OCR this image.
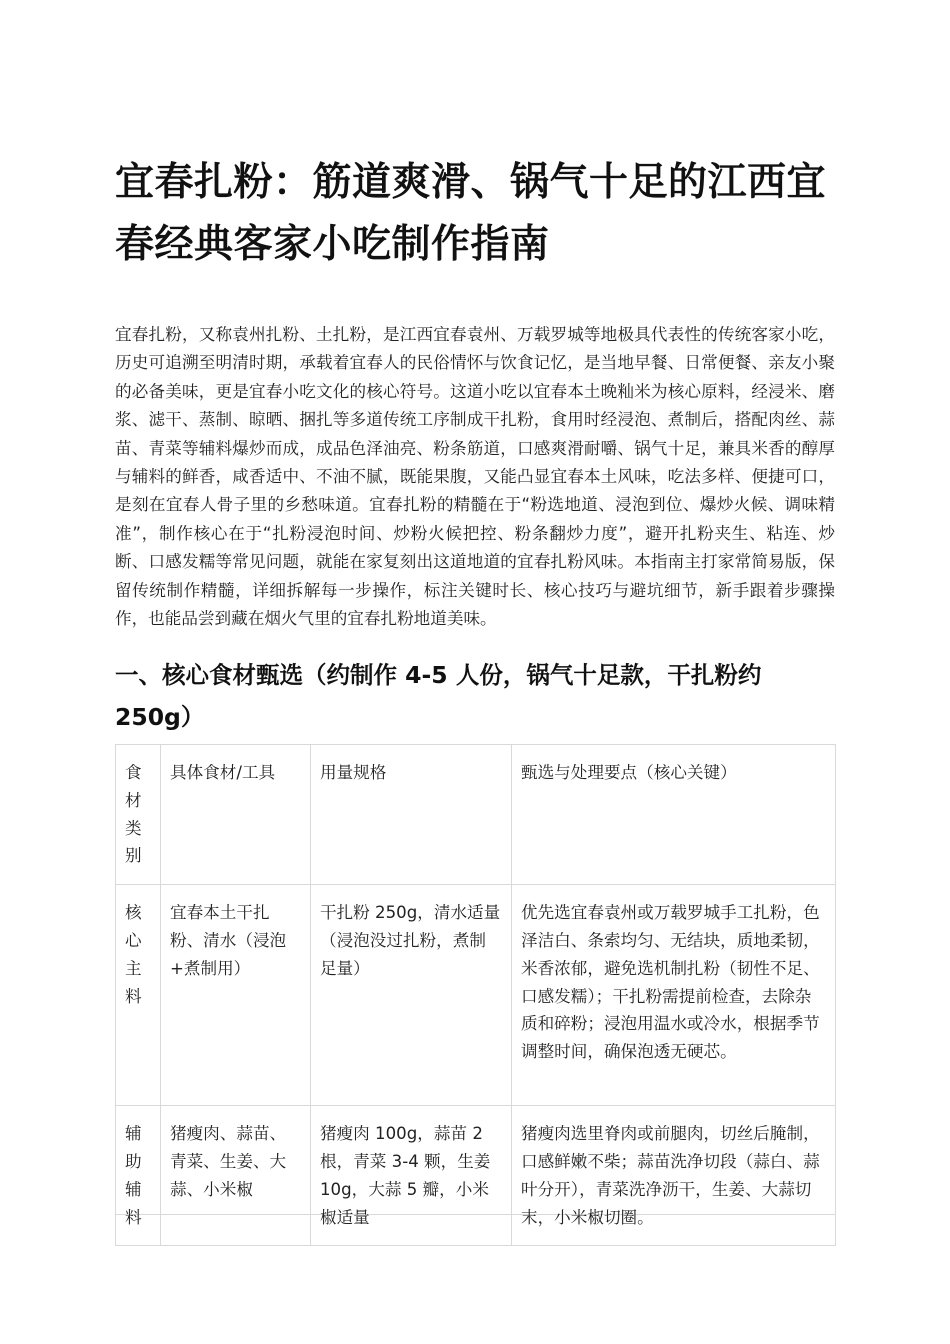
宜春扎粉：筋道爽滑、锅气十足的江西宜春经典客家小吃制作指南

宜春扎粉，又称袁州扎粉、土扎粉，是江西宜春袁州、万载罗城等地极具代表性的传统客家小吃，历史可追溯至明清时期，承载着宜春人的民俗情怀与饮食记忆，是当地早餐、日常便餐、亲友小聚的必备美味，更是宜春小吃文化的核心符号。这道小吃以宜春本土晚籼米为核心原料，经浸米、磨浆、滤干、蒸制、晾晒、捆扎等多道传统工序制成干扎粉，食用时经浸泡、煮制后，搭配肉丝、蒜苗、青菜等辅料爆炒而成，成品色泽油亮、粉条筋道，口感爽滑耐嚼、锅气十足，兼具米香的醇厚与辅料的鲜香，咸香适中、不油不腻，既能果腹，又能凸显宜春本土风味，吃法多样、便捷可口，是刻在宜春人骨子里的乡愁味道。宜春扎粉的精髓在于“粉选地道、浸泡到位、爆炒火候、调味精准”，制作核心在于“扎粉浸泡时间、炒粉火候把控、粉条翻炒力度”，避开扎粉夹生、粘连、炒断、口感发糯等常见问题，就能在家复刻出这道地道的宜春扎粉风味。本指南主打家常简易版，保留传统制作精髓，详细拆解每一步操作，标注关键时长、核心技巧与避坑细节，新手跟着步骤操作，也能品尝到藏在烟火气里的宜春扎粉地道美味。

一、核心食材甄选（约制作 4-5 人份，锅气十足款，干扎粉约 250g）
食材类别	具体食材/工具	用量规格	甄选与处理要点（核心关键）
核心主料	宜春本土干扎粉、清水（浸泡+煮制用）	干扎粉 250g，清水适量（浸泡没过扎粉，煮制足量）	优先选宜春袁州或万载罗城手工扎粉，色泽洁白、条索均匀、无结块，质地柔韧，米香浓郁，避免选机制扎粉（韧性不足、口感发糯）；干扎粉需提前检查，去除杂质和碎粉；浸泡用温水或冷水，根据季节调整时间，确保泡透无硬芯。
辅助辅料	猪瘦肉、蒜苗、青菜、生姜、大蒜、小米椒	猪瘦肉 100g，蒜苗 2 根，青菜 3-4 颗，生姜 10g，大蒜 5 瓣，小米椒适量	猪瘦肉选里脊肉或前腿肉，切丝后腌制，口感鲜嫩不柴；蒜苗洗净切段（蒜白、蒜叶分开），青菜洗净沥干，生姜、大蒜切末，小米椒切圈。
